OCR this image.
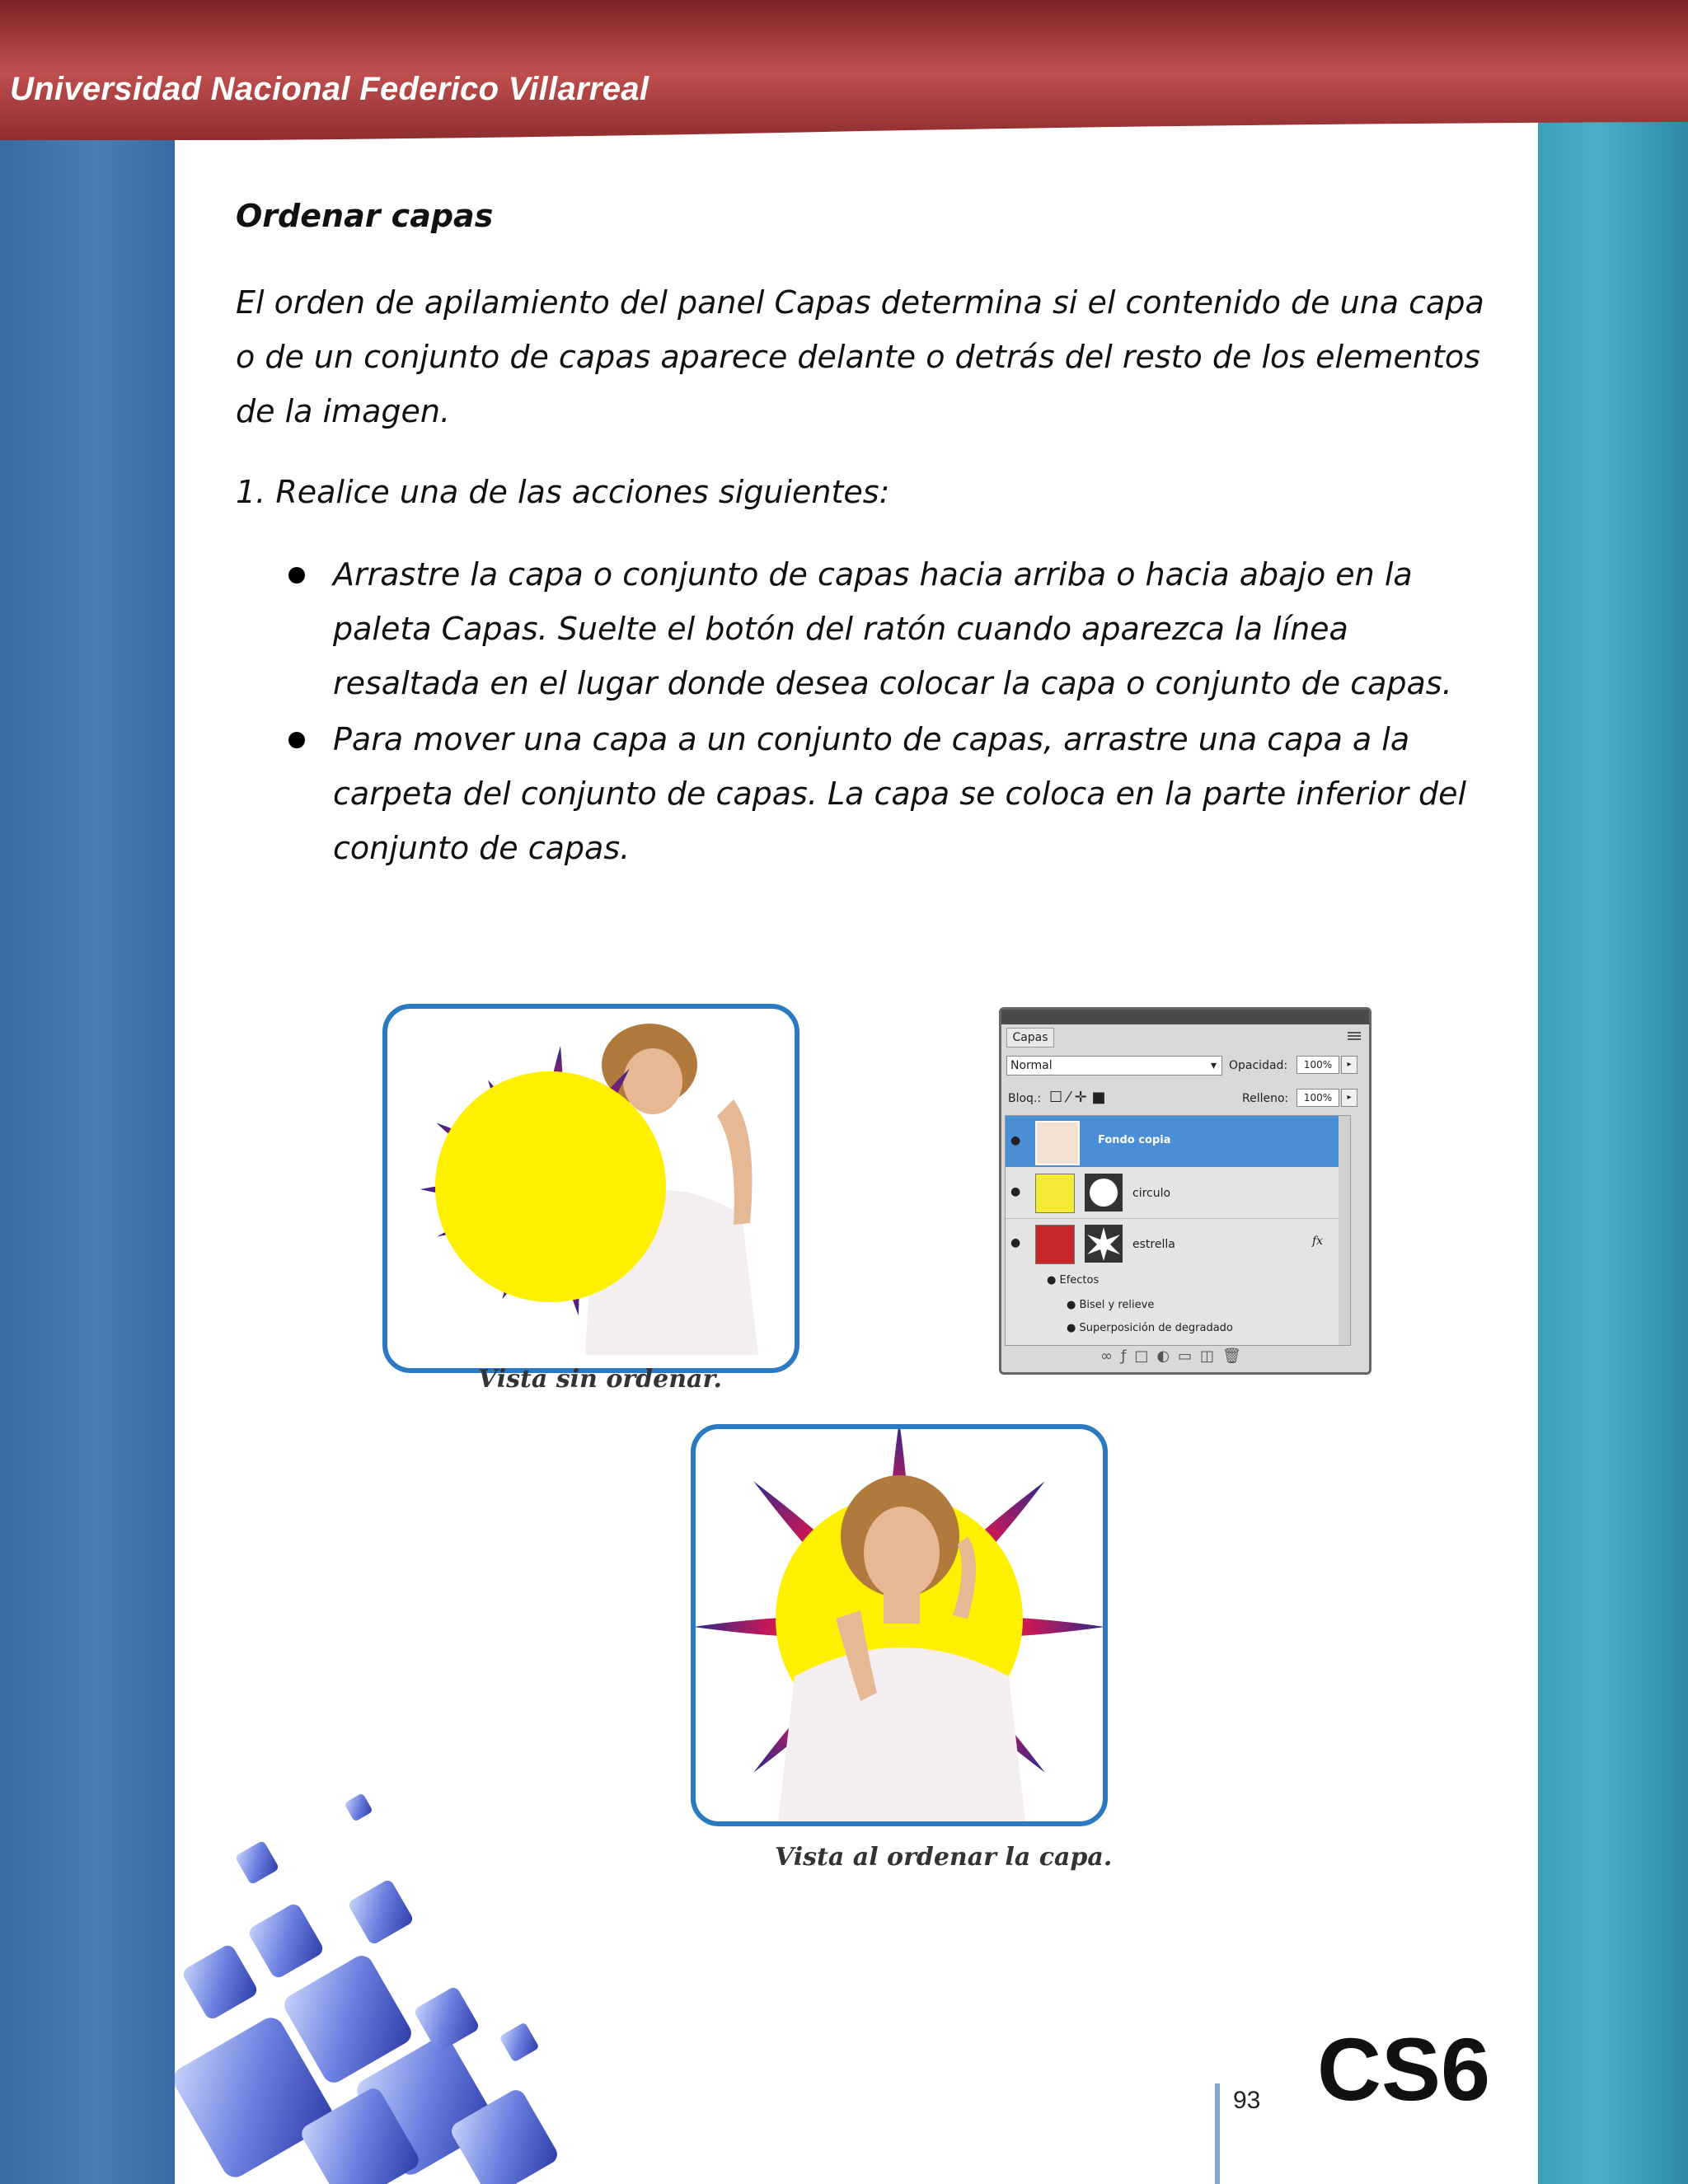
Universidad Nacional Federico Villarreal
Ordenar capas
El orden de apilamiento del panel Capas determina si el contenido de una capa o de un conjunto de capas aparece delante o detrás del resto de los elementos de la imagen.
1. Realice una de las acciones siguientes:
Arrastre la capa o conjunto de capas hacia arriba o hacia abajo en la paleta Capas. Suelte el botón del ratón cuando aparezca la línea resaltada en el lugar donde desea colocar la capa o conjunto de capas.
Para mover una capa a un conjunto de capas, arrastre una capa a la carpeta del conjunto de capas. La capa se coloca en la parte inferior del conjunto de capas.
Vista sin ordenar.
Capas
Normal	▾ Opacidad:	100%	▸
Bloq.: ☐ ⁄ ✛ ■	Relleno:	100%	▸
●	Fondo copia
●	circulo
●	estrella	fx
● Efectos
● Bisel y relieve
● Superposición de degradado
∞ƒ□◐▭◫🗑
Vista al ordenar la capa.
93 CS6
